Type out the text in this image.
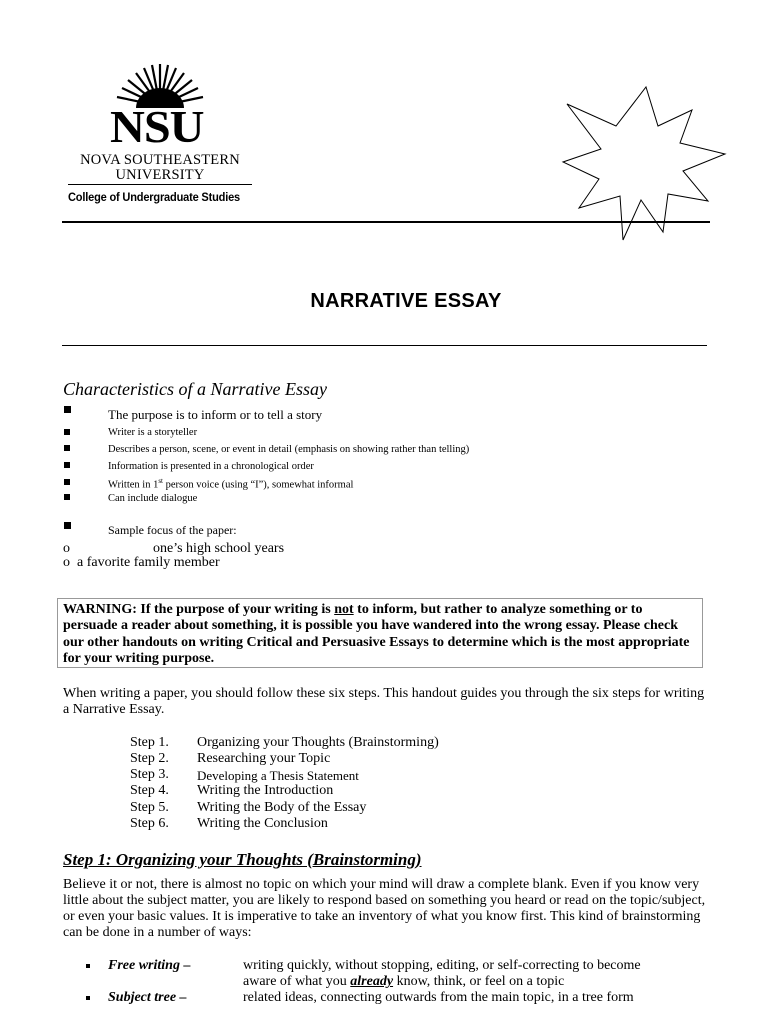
NSU
NOVA SOUTHEASTERN
UNIVERSITY
College of Undergraduate Studies
NARRATIVE ESSAY
Characteristics of a Narrative Essay
The purpose is to inform or to tell a story
Writer is a storyteller
Describes a person, scene, or event in detail (emphasis on showing rather than telling)
Information is presented in a chronological order
Written in 1st person voice (using “I”), somewhat informal
Can include dialogue
Sample focus of the paper:
o	one’s high school years
o  a favorite family member
WARNING: If the purpose of your writing is not to inform, but rather to analyze something or to persuade a reader about something, it is possible you have wandered into the wrong essay. Please check our other handouts on writing Critical and Persuasive Essays to determine which is the most appropriate for your writing purpose.
When writing a paper, you should follow these six steps. This handout guides you through the six steps for writing a Narrative Essay.
Step 1. Organizing your Thoughts (Brainstorming)
Step 2. Researching your Topic
Step 3. Developing a Thesis Statement
Step 4. Writing the Introduction
Step 5. Writing the Body of the Essay
Step 6. Writing the Conclusion
Step 1: Organizing your Thoughts (Brainstorming)
Believe it or not, there is almost no topic on which your mind will draw a complete blank. Even if you know very little about the subject matter, you are likely to respond based on something you heard or read on the topic/subject, or even your basic values. It is imperative to take an inventory of what you know first. This kind of brainstorming can be done in a number of ways:
Free writing –	writing quickly, without stopping, editing, or self-correcting to become
aware of what you already know, think, or feel on a topic
Subject tree –	related ideas, connecting outwards from the main topic, in a tree form
